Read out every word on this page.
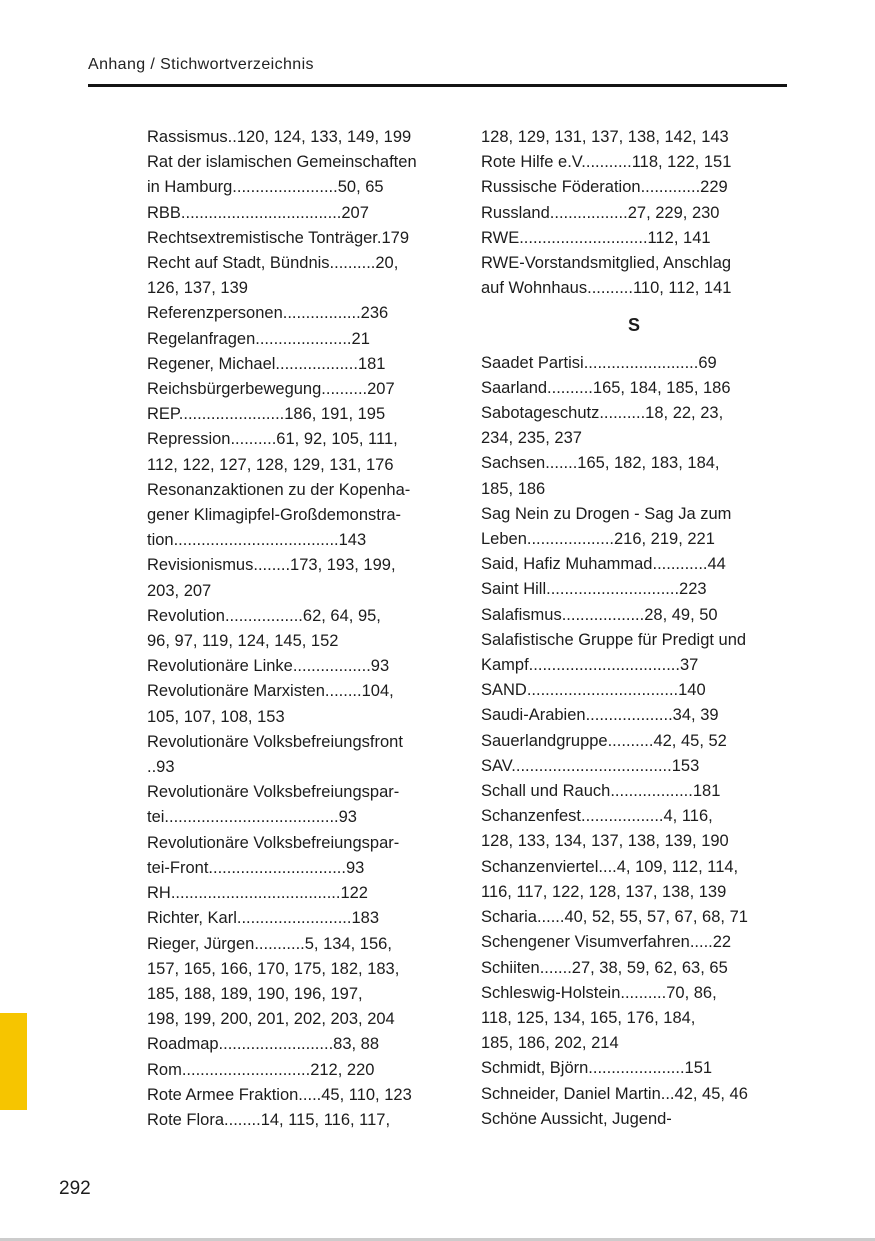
Anhang / Stichwortverzeichnis
Rassismus..120, 124, 133, 149, 199
Rat der islamischen Gemeinschaften
in Hamburg.......................50, 65
RBB...................................207
Rechtsextremistische Tonträger.179
Recht auf Stadt, Bündnis..........20,
126, 137, 139
Referenzpersonen.................236
Regelanfragen.....................21
Regener, Michael..................181
Reichsbürgerbewegung..........207
REP.......................186, 191, 195
Repression..........61, 92, 105, 111,
112, 122, 127, 128, 129, 131, 176
Resonanzaktionen zu der Kopenha-
gener Klimagipfel-Großdemonstra-
tion....................................143
Revisionismus........173, 193, 199,
203, 207
Revolution.................62, 64, 95,
96, 97, 119, 124, 145, 152
Revolutionäre Linke.................93
Revolutionäre Marxisten........104,
105, 107, 108, 153
Revolutionäre Volksbefreiungsfront
..93
Revolutionäre Volksbefreiungspar-
tei......................................93
Revolutionäre Volksbefreiungspar-
tei-Front..............................93
RH.....................................122
Richter, Karl.........................183
Rieger, Jürgen...........5, 134, 156,
157, 165, 166, 170, 175, 182, 183,
185, 188, 189, 190, 196, 197,
198, 199, 200, 201, 202, 203, 204
Roadmap.........................83, 88
Rom............................212, 220
Rote Armee Fraktion.....45, 110, 123
Rote Flora........14, 115, 116, 117,
128, 129, 131, 137, 138, 142, 143
Rote Hilfe e.V...........118, 122, 151
Russische Föderation.............229
Russland.................27, 229, 230
RWE............................112, 141
RWE-Vorstandsmitglied, Anschlag
auf Wohnhaus..........110, 112, 141
S
Saadet Partisi.........................69
Saarland..........165, 184, 185, 186
Sabotageschutz..........18, 22, 23,
234, 235, 237
Sachsen.......165, 182, 183, 184,
185, 186
Sag Nein zu Drogen - Sag Ja zum
Leben...................216, 219, 221
Said, Hafiz Muhammad............44
Saint Hill.............................223
Salafismus..................28, 49, 50
Salafistische Gruppe für Predigt und
Kampf.................................37
SAND.................................140
Saudi-Arabien...................34, 39
Sauerlandgruppe..........42, 45, 52
SAV...................................153
Schall und Rauch..................181
Schanzenfest..................4, 116,
128, 133, 134, 137, 138, 139, 190
Schanzenviertel....4, 109, 112, 114,
116, 117, 122, 128, 137, 138, 139
Scharia......40, 52, 55, 57, 67, 68, 71
Schengener Visumverfahren.....22
Schiiten.......27, 38, 59, 62, 63, 65
Schleswig-Holstein..........70, 86,
118, 125, 134, 165, 176, 184,
185, 186, 202, 214
Schmidt, Björn.....................151
Schneider, Daniel Martin...42, 45, 46
Schöne Aussicht, Jugend-
292
